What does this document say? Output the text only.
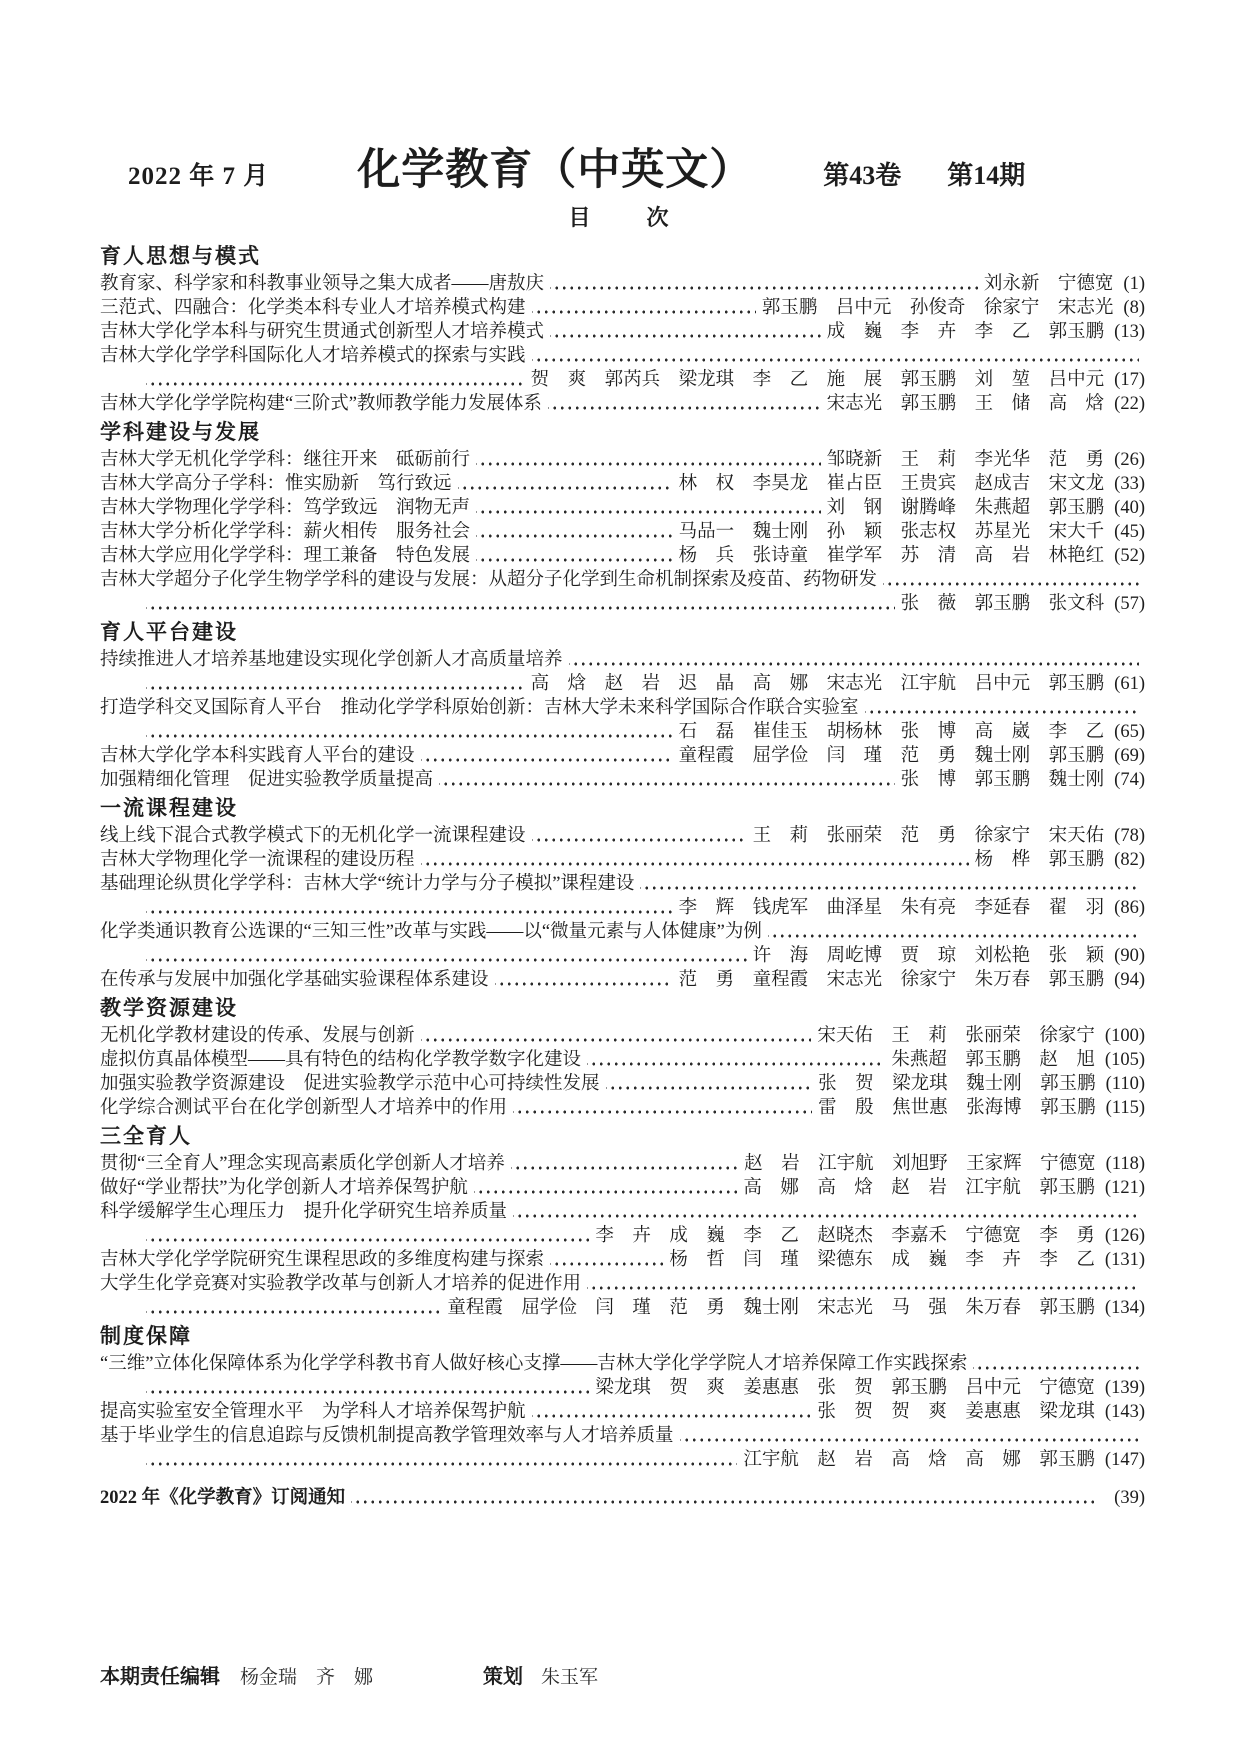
2022 年 7 月 化学教育（中英文）	第43卷 第14期
目　　次
育人思想与模式
教育家、科学家和科教事业领导之集大成者——唐敖庆	刘永新　宁德宽 (1)
三范式、四融合：化学类本科专业人才培养模式构建	郭玉鹏　吕中元　孙俊奇　徐家宁　宋志光 (8)
吉林大学化学本科与研究生贯通式创新型人才培养模式	成　巍　李　卉　李　乙　郭玉鹏 (13)
吉林大学化学学科国际化人才培养模式的探索与实践
贺　爽　郭芮兵　梁龙琪　李　乙　施　展　郭玉鹏　刘　堃　吕中元 (17)
吉林大学化学学院构建“三阶式”教师教学能力发展体系	宋志光　郭玉鹏　王　储　高　焓 (22)
学科建设与发展
吉林大学无机化学学科：继往开来　砥砺前行	邹晓新　王　莉　李光华　范　勇 (26)
吉林大学高分子学科：惟实励新　笃行致远	林　权　李昊龙　崔占臣　王贵宾　赵成吉　宋文龙 (33)
吉林大学物理化学学科：笃学致远　润物无声	刘　钢　谢腾峰　朱燕超　郭玉鹏 (40)
吉林大学分析化学学科：薪火相传　服务社会	马品一　魏士刚　孙　颖　张志权　苏星光　宋大千 (45)
吉林大学应用化学学科：理工兼备　特色发展	杨　兵　张诗童　崔学军　苏　清　高　岩　林艳红 (52)
吉林大学超分子化学生物学学科的建设与发展：从超分子化学到生命机制探索及疫苗、药物研发
张　薇　郭玉鹏　张文科 (57)
育人平台建设
持续推进人才培养基地建设实现化学创新人才高质量培养
高　焓　赵　岩　迟　晶　高　娜　宋志光　江宇航　吕中元　郭玉鹏 (61)
打造学科交叉国际育人平台　推动化学学科原始创新：吉林大学未来科学国际合作联合实验室
石　磊　崔佳玉　胡杨林　张　博　高　崴　李　乙 (65)
吉林大学化学本科实践育人平台的建设	童程霞　屈学俭　闫　瑾　范　勇　魏士刚　郭玉鹏 (69)
加强精细化管理　促进实验教学质量提高	张　博　郭玉鹏　魏士刚 (74)
一流课程建设
线上线下混合式教学模式下的无机化学一流课程建设	王　莉　张丽荣　范　勇　徐家宁　宋天佑 (78)
吉林大学物理化学一流课程的建设历程	杨　桦　郭玉鹏 (82)
基础理论纵贯化学学科：吉林大学“统计力学与分子模拟”课程建设
李　辉　钱虎军　曲泽星　朱有亮　李延春　翟　羽 (86)
化学类通识教育公选课的“三知三性”改革与实践——以“微量元素与人体健康”为例
许　海　周屹博　贾　琼　刘松艳　张　颖 (90)
在传承与发展中加强化学基础实验课程体系建设	范　勇　童程霞　宋志光　徐家宁　朱万春　郭玉鹏 (94)
教学资源建设
无机化学教材建设的传承、发展与创新	宋天佑　王　莉　张丽荣　徐家宁 (100)
虚拟仿真晶体模型——具有特色的结构化学教学数字化建设	朱燕超　郭玉鹏　赵　旭 (105)
加强实验教学资源建设　促进实验教学示范中心可持续性发展	张　贺　梁龙琪　魏士刚　郭玉鹏 (110)
化学综合测试平台在化学创新型人才培养中的作用	雷　殷　焦世惠　张海博　郭玉鹏 (115)
三全育人
贯彻“三全育人”理念实现高素质化学创新人才培养	赵　岩　江宇航　刘旭野　王家辉　宁德宽 (118)
做好“学业帮扶”为化学创新人才培养保驾护航	高　娜　高　焓　赵　岩　江宇航　郭玉鹏 (121)
科学缓解学生心理压力　提升化学研究生培养质量
李　卉　成　巍　李　乙　赵晓杰　李嘉禾　宁德宽　李　勇 (126)
吉林大学化学学院研究生课程思政的多维度构建与探索	杨　哲　闫　瑾　梁德东　成　巍　李　卉　李　乙 (131)
大学生化学竞赛对实验教学改革与创新人才培养的促进作用
童程霞　屈学俭　闫　瑾　范　勇　魏士刚　宋志光　马　强　朱万春　郭玉鹏 (134)
制度保障
“三维”立体化保障体系为化学学科教书育人做好核心支撑——吉林大学化学学院人才培养保障工作实践探索
梁龙琪　贺　爽　姜惠惠　张　贺　郭玉鹏　吕中元　宁德宽 (139)
提高实验室安全管理水平　为学科人才培养保驾护航	张　贺　贺　爽　姜惠惠　梁龙琪 (143)
基于毕业学生的信息追踪与反馈机制提高教学管理效率与人才培养质量
江宇航　赵　岩　高　焓　高　娜　郭玉鹏 (147)
2022 年《化学教育》订阅通知	(39)
本期责任编辑 杨金瑞　齐　娜	策划 朱玉军
